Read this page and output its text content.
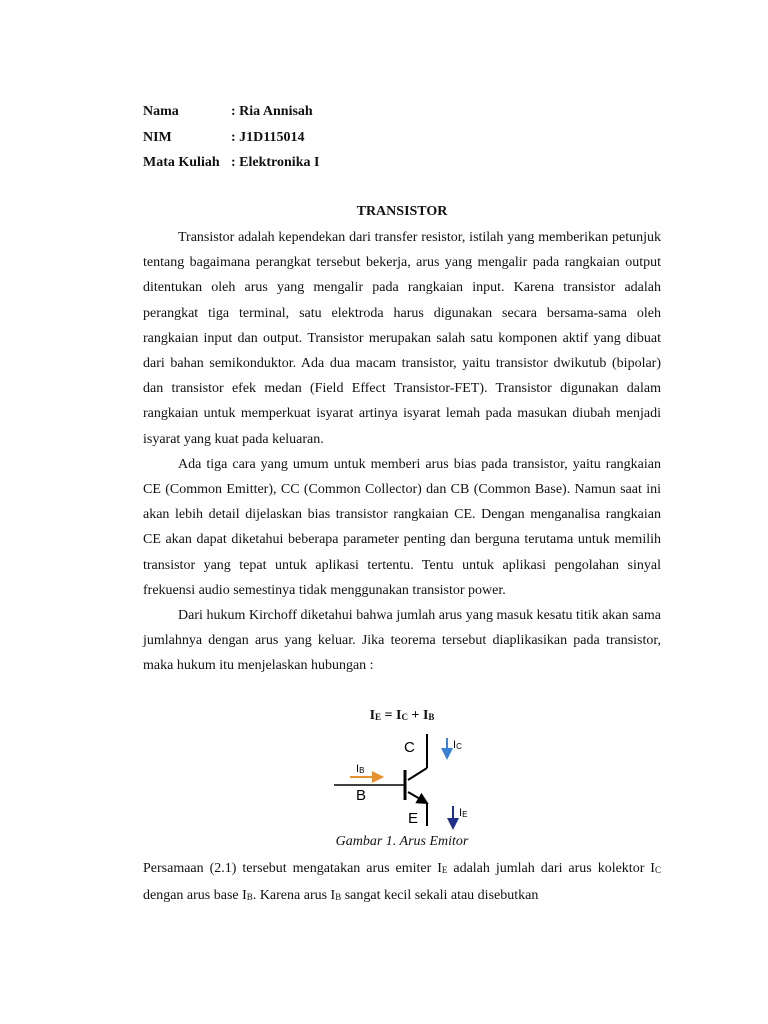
Nama	: Ria Annisah
NIM	: J1D115014
Mata Kuliah : Elektronika I
TRANSISTOR

Transistor adalah kependekan dari transfer resistor, istilah yang memberikan petunjuk tentang bagaimana perangkat tersebut bekerja, arus yang mengalir pada rangkaian output ditentukan oleh arus yang mengalir pada rangkaian input. Karena transistor adalah perangkat tiga terminal, satu elektroda harus digunakan secara bersama-sama oleh rangkaian input dan output. Transistor merupakan salah satu komponen aktif yang dibuat dari bahan semikonduktor. Ada dua macam transistor, yaitu transistor dwikutub (bipolar) dan transistor efek medan (Field Effect Transistor-FET). Transistor digunakan dalam rangkaian untuk memperkuat isyarat artinya isyarat lemah pada masukan diubah menjadi isyarat yang kuat pada keluaran.

Ada tiga cara yang umum untuk memberi arus bias pada transistor, yaitu rangkaian CE (Common Emitter), CC (Common Collector) dan CB (Common Base). Namun saat ini akan lebih detail dijelaskan bias transistor rangkaian CE. Dengan menganalisa rangkaian CE akan dapat diketahui beberapa parameter penting dan berguna terutama untuk memilih transistor yang tepat untuk aplikasi tertentu. Tentu untuk aplikasi pengolahan sinyal frekuensi audio semestinya tidak menggunakan transistor power.

Dari hukum Kirchoff diketahui bahwa jumlah arus yang masuk kesatu titik akan sama jumlahnya dengan arus yang keluar. Jika teorema tersebut diaplikasikan pada transistor, maka hukum itu menjelaskan hubungan :

$I_E = I_C + I_B$
C
B
E
IB
IC
IE
Gambar 1. Arus Emitor

Persamaan (2.1) tersebut mengatakan arus emiter $I_E$ adalah jumlah dari arus kolektor $I_C$ dengan arus base $I_B$. Karena arus $I_B$ sangat kecil sekali atau disebutkan
